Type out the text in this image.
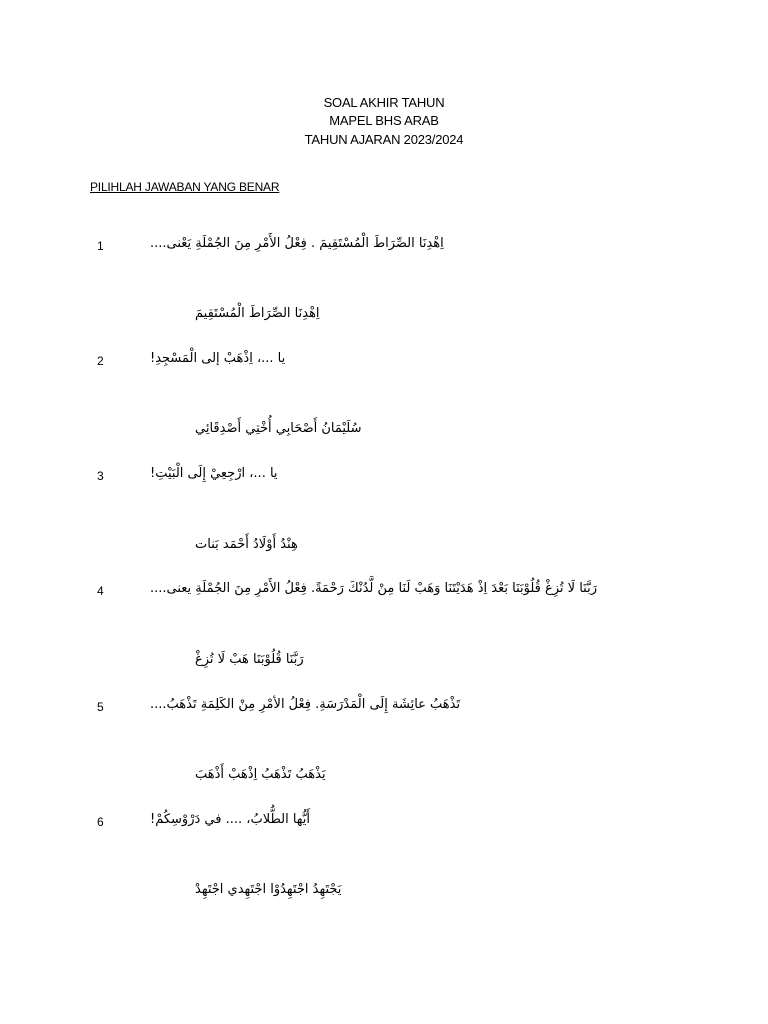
SOAL AKHIR TAHUN
MAPEL BHS ARAB
TAHUN AJARAN 2023/2024
PILIHLAH JAWABAN YANG BENAR
1	اِهْدِنَا الصِّرَاطَ الْمُسْتَقِيمَ . فِعْلُ الأَمْرِ مِنَ الجُمْلَةِ يَعْنى....
اِهْدِنَا الصِّرَاطَ الْمُسْتَقِيمَ
2	يا ...، اِذْهَبْ إلى الْمَسْجِدِ!
سُلَيْمَانُ أَصْحَابِي أُخْتِي أَصْدِقَائِي
3	يا ...، ارْجِعِيْ إِلَى الْبَيْتِ!
هِنْدُ أَوْلَادُ أَحْمَد بَنات
4	رَبَّنَا لَا تُزِغْ قُلُوْبَنَا بَعْدَ اِذْ هَدَيْتَنَا وَهَبْ لَنَا مِنْ لَّدُنْكَ رَحْمَةً. فِعْلُ الأَمْرِ مِنَ الجُمْلَةِ يعنى....
رَبَّنَا قُلُوْبَنَا هَبْ لَا تُزِغْ
5	تَذْهَبُ عائِشَة إِلَى الْمَدْرَسَةِ. فِعْلُ الأمْرِ مِنْ الكَلِمَةِ تَذْهَبُ....
يَذْهَبُ تَذْهَبُ اِذْهَبْ أَذْهَبَ
6	أَيُّها الطُّلابُ، .... في دَرْوْسِكُمْ!
يَجْتَهِدُ اجْتَهِدُوْا اجْتَهِدي اجْتَهِدْ
